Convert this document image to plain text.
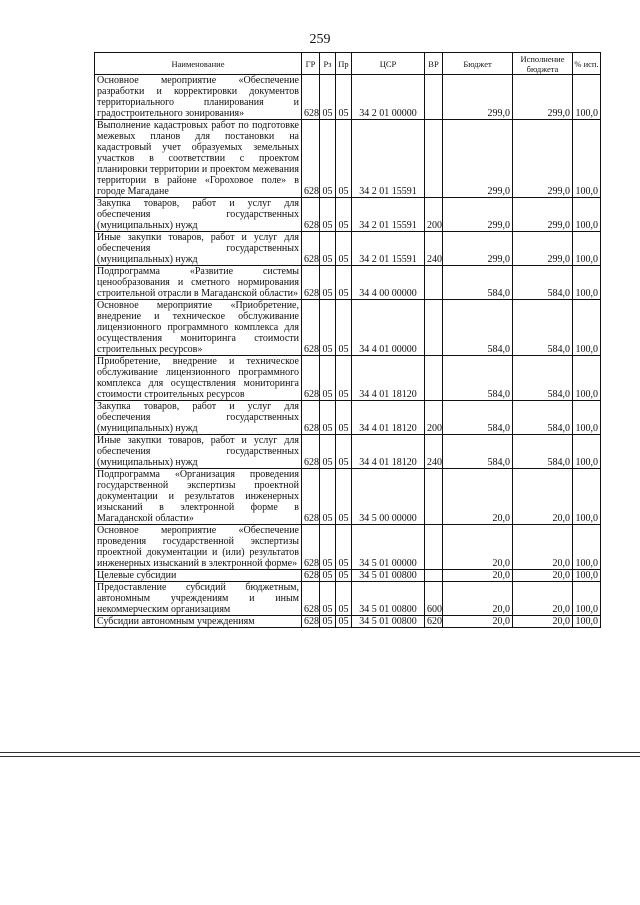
259
Наименование	ГР	Рз	Пр	ЦСР	ВР	Бюджет	Исполнение бюджета	% исп.
Основное мероприятие «Обеспечение разработки и корректировки документов территориального планирования и градостроительного зонирования»	628	05	05	34 2 01 00000		299,0	299,0	100,0
Выполнение кадастровых работ по подготовке межевых планов для постановки на кадастровый учет образуемых земельных участков в соответствии с проектом планировки территории и проектом межевания территории в районе «Гороховое поле» в городе Магадане	628	05	05	34 2 01 15591		299,0	299,0	100,0
Закупка товаров, работ и услуг для обеспечения государственных (муниципальных) нужд	628	05	05	34 2 01 15591	200	299,0	299,0	100,0
Иные закупки товаров, работ и услуг для обеспечения государственных (муниципальных) нужд	628	05	05	34 2 01 15591	240	299,0	299,0	100,0
Подпрограмма «Развитие системы ценообразования и сметного нормирования строительной отрасли в Магаданской области»	628	05	05	34 4 00 00000		584,0	584,0	100,0
Основное мероприятие «Приобретение, внедрение и техническое обслуживание лицензионного программного комплекса для осуществления мониторинга стоимости строительных ресурсов»	628	05	05	34 4 01 00000		584,0	584,0	100,0
Приобретение, внедрение и техническое обслуживание лицензионного программного комплекса для осуществления мониторинга стоимости строительных ресурсов	628	05	05	34 4 01 18120		584,0	584,0	100,0
Закупка товаров, работ и услуг для обеспечения государственных (муниципальных) нужд	628	05	05	34 4 01 18120	200	584,0	584,0	100,0
Иные закупки товаров, работ и услуг для обеспечения государственных (муниципальных) нужд	628	05	05	34 4 01 18120	240	584,0	584,0	100,0
Подпрограмма «Организация проведения государственной экспертизы проектной документации и результатов инженерных изысканий в электронной форме в Магаданской области»	628	05	05	34 5 00 00000		20,0	20,0	100,0
Основное мероприятие «Обеспечение проведения государственной экспертизы проектной документации и (или) результатов инженерных изысканий в электронной форме»	628	05	05	34 5 01 00000		20,0	20,0	100,0
Целевые субсидии	628	05	05	34 5 01 00800		20,0	20,0	100,0
Предоставление субсидий бюджетным, автономным учреждениям и иным некоммерческим организациям	628	05	05	34 5 01 00800	600	20,0	20,0	100,0
Субсидии автономным учреждениям	628	05	05	34 5 01 00800	620	20,0	20,0	100,0
